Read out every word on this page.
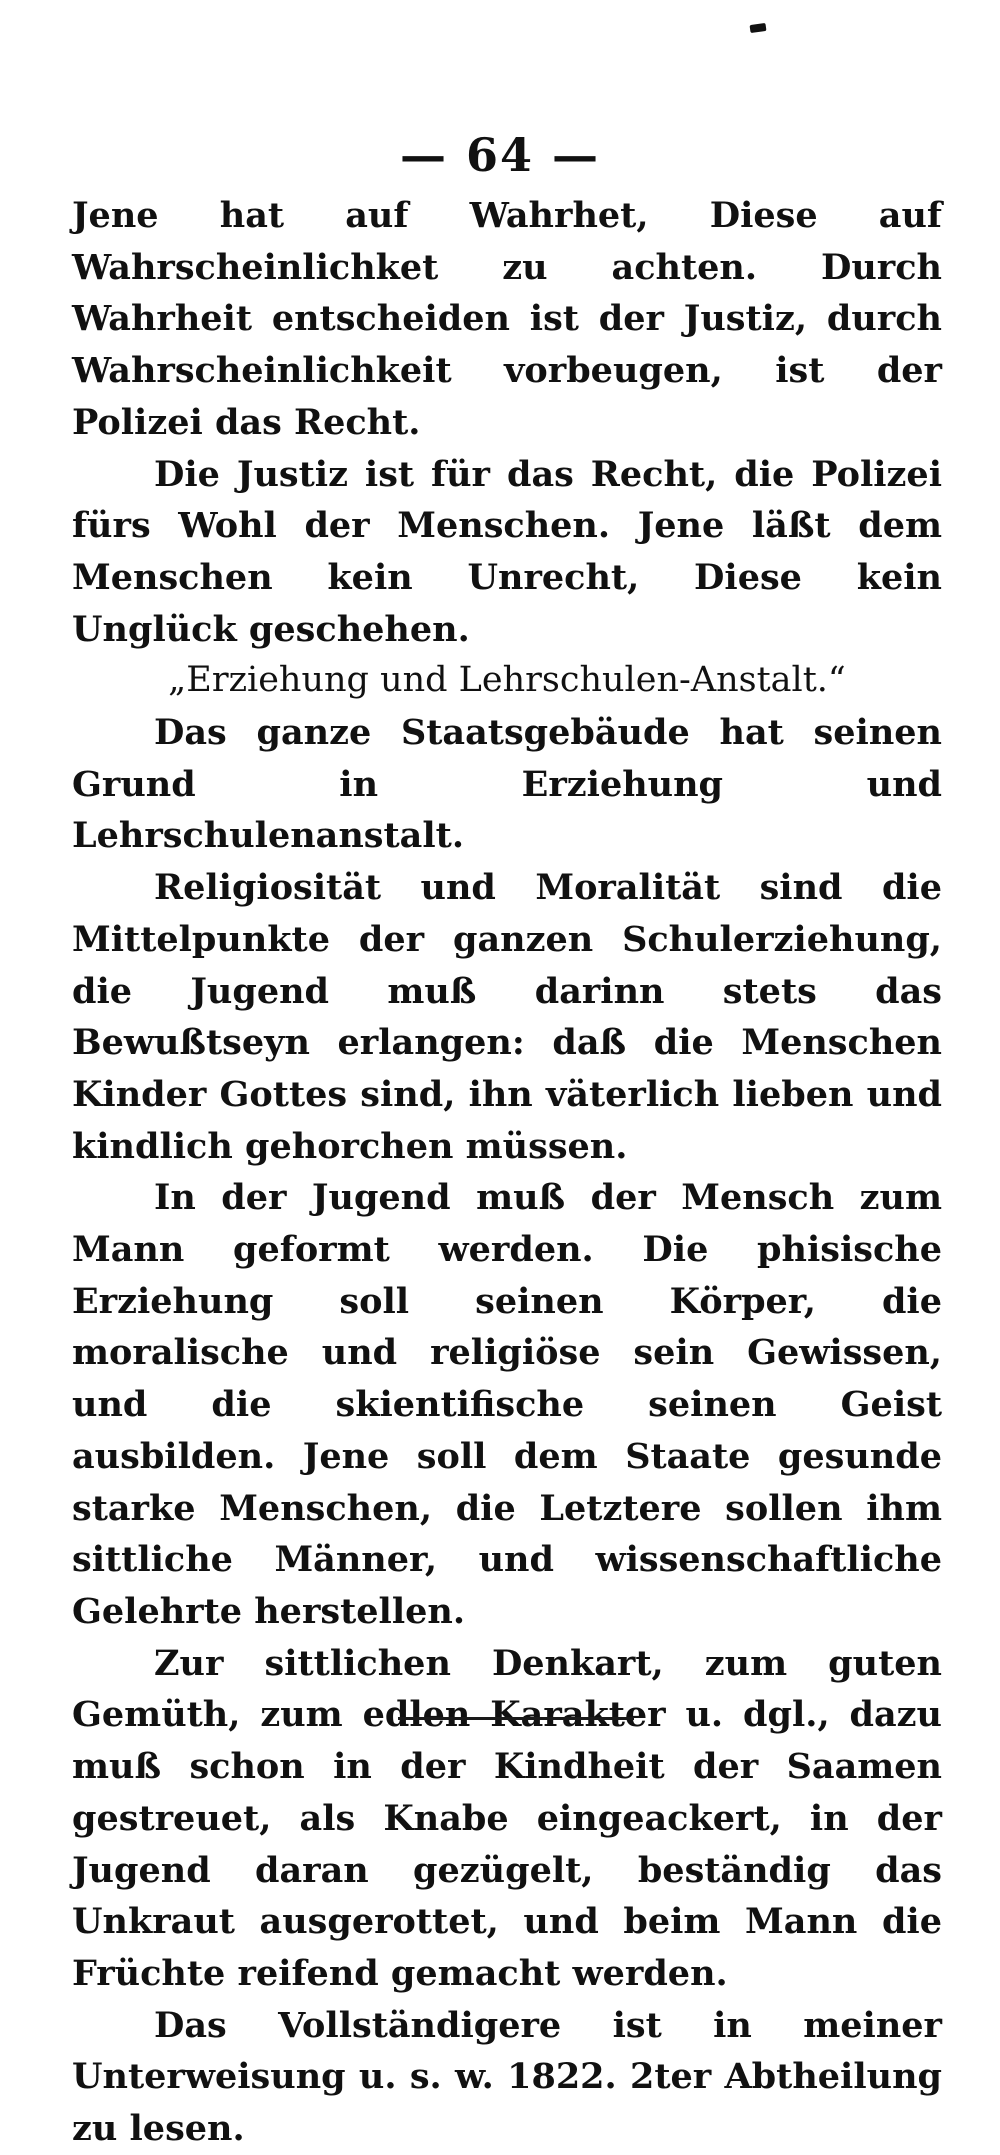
— 64 —

Jene hat auf Wahrhet, Diese auf Wahrscheinlichket zu achten. Durch Wahrheit entscheiden ist der Justiz, durch Wahrscheinlichkeit vorbeugen, ist der Polizei das Recht.

Die Justiz ist für das Recht, die Polizei fürs Wohl der Menschen. Jene läßt dem Menschen kein Unrecht, Diese kein Unglück geschehen.

„Erziehung und Lehrschulen-Anstalt.“

Das ganze Staatsgebäude hat seinen Grund in Erziehung und Lehrschulenanstalt.

Religiosität und Moralität sind die Mittelpunkte der ganzen Schulerziehung, die Jugend muß darinn stets das Bewußtseyn erlangen: daß die Menschen Kinder Gottes sind, ihn väterlich lieben und kindlich gehorchen müssen.

In der Jugend muß der Mensch zum Mann geformt werden. Die phisische Erziehung soll seinen Körper, die moralische und religiöse sein Gewissen, und die skientifische seinen Geist ausbilden. Jene soll dem Staate gesunde starke Menschen, die Letztere sollen ihm sittliche Männer, und wissenschaftliche Gelehrte herstellen.

Zur sittlichen Denkart, zum guten Gemüth, zum edlen Karakter u. dgl., dazu muß schon in der Kindheit der Saamen gestreuet, als Knabe eingeackert, in der Jugend daran gezügelt, beständig das Unkraut ausgerottet, und beim Mann die Früchte reifend gemacht werden.

Das Vollständigere ist in meiner Unterweisung u. s. w. 1822. 2ter Abtheilung zu lesen.
